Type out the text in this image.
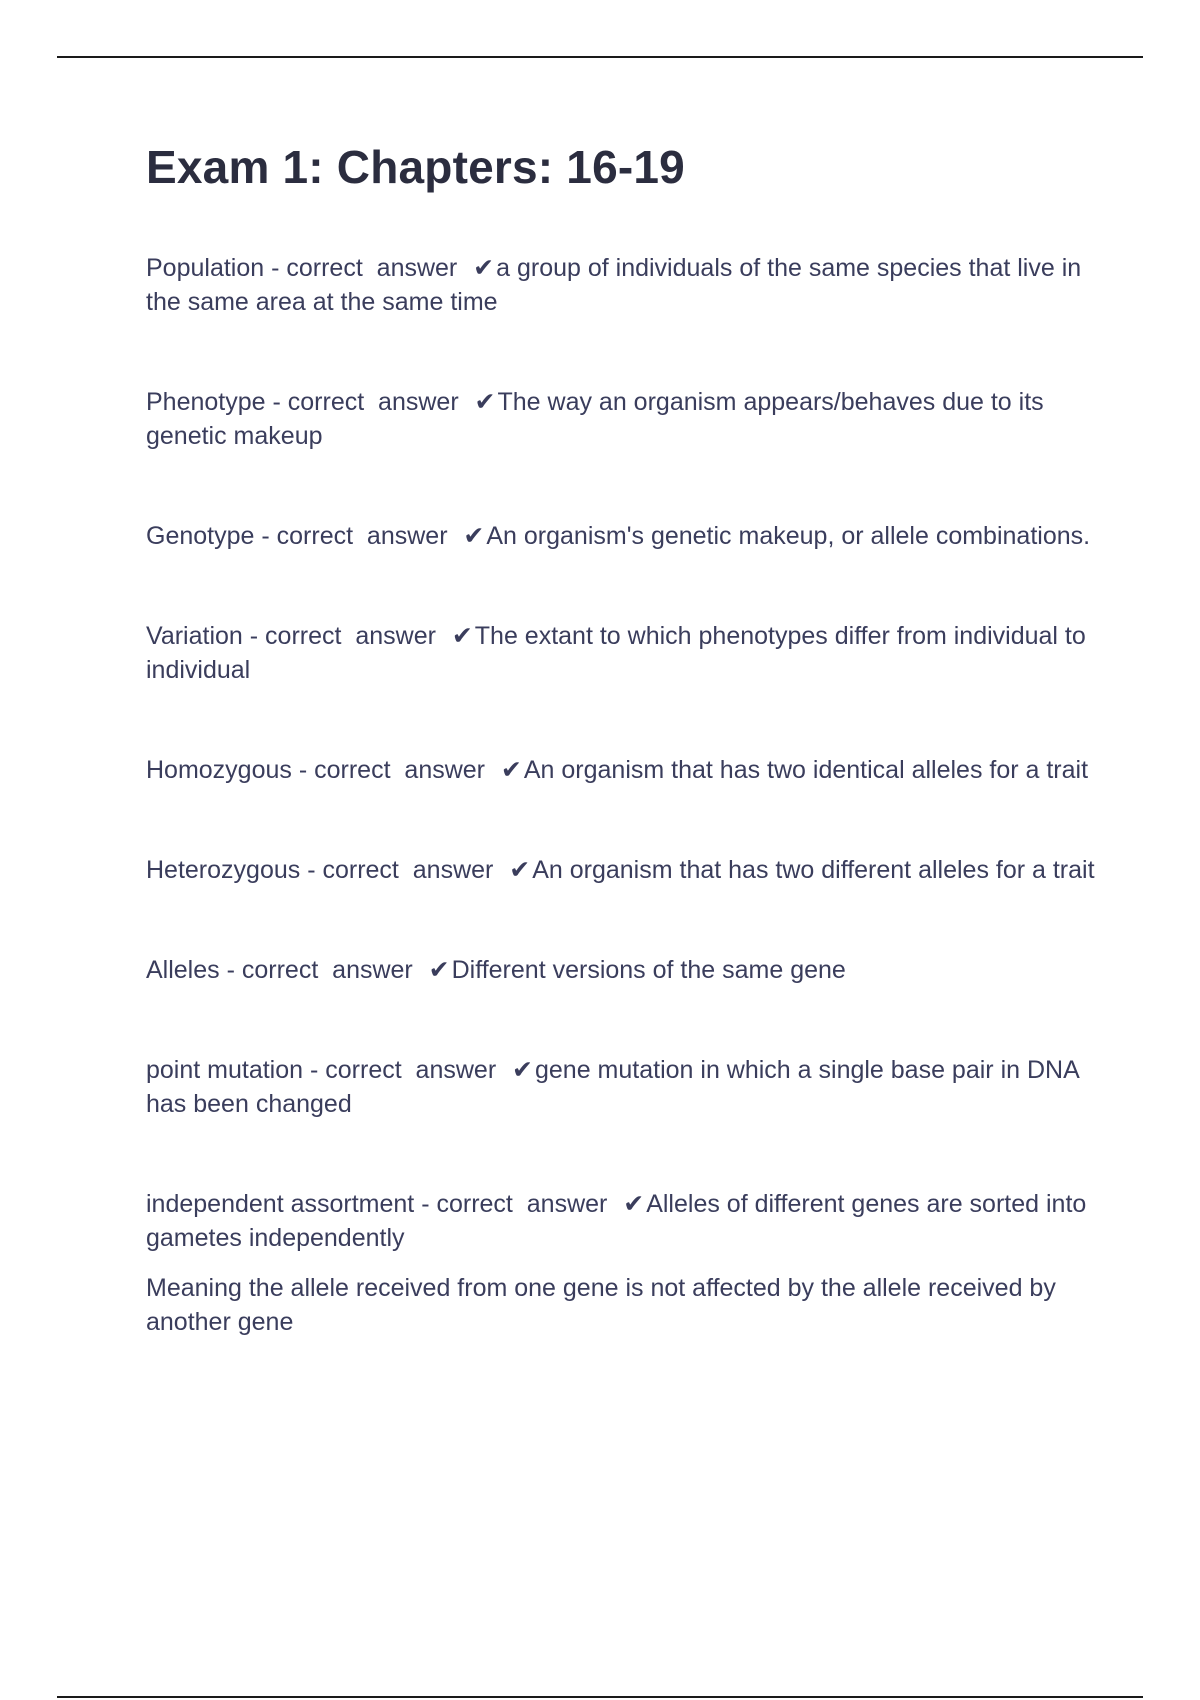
Exam 1: Chapters: 16-19

Population - correct  answer  ✔a group of individuals of the same species that live in the same area at the same time

Phenotype - correct  answer  ✔The way an organism appears/behaves due to its genetic makeup

Genotype - correct  answer  ✔An organism's genetic makeup, or allele combinations.

Variation - correct  answer  ✔The extant to which phenotypes differ from individual to individual

Homozygous - correct  answer  ✔An organism that has two identical alleles for a trait

Heterozygous - correct  answer  ✔An organism that has two different alleles for a trait

Alleles - correct  answer  ✔Different versions of the same gene

point mutation - correct  answer  ✔gene mutation in which a single base pair in DNA has been changed

independent assortment - correct  answer  ✔Alleles of different genes are sorted into gametes independently
Meaning the allele received from one gene is not affected by the allele received by another gene
